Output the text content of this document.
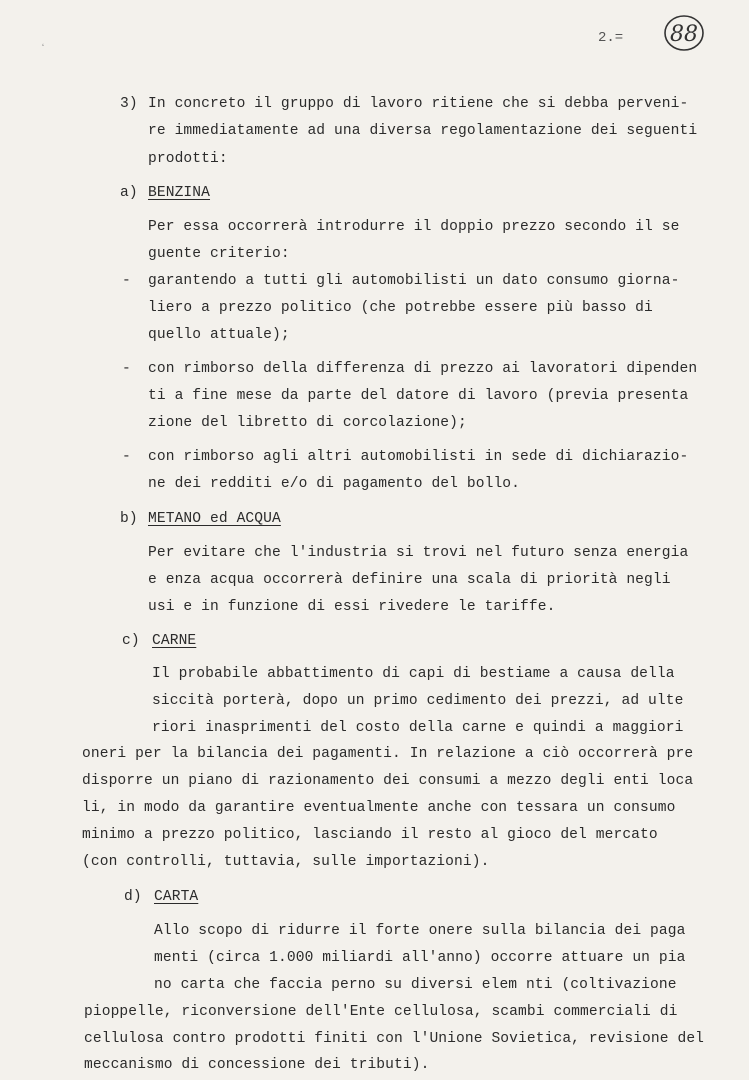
ʻ
2.= 88
3) In concreto il gruppo di lavoro ritiene che si debba perveni-
re immediatamente ad una diversa regolamentazione dei seguenti
prodotti:
a) BENZINA
Per essa occorrerà introdurre il doppio prezzo secondo il se
guente criterio:
- garantendo a tutti gli automobilisti un dato consumo giorna-
liero a prezzo politico (che potrebbe essere più basso di
quello attuale);
- con rimborso della differenza di prezzo ai lavoratori dipenden
ti a fine mese da parte del datore di lavoro (previa presenta
zione del libretto di corcolazione);
- con rimborso agli altri automobilisti in sede di dichiarazio-
ne dei redditi e/o di pagamento del bollo.
b) METANO ed ACQUA
Per evitare che l'industria si trovi nel futuro senza energia
e enza acqua occorrerà definire una scala di priorità negli
usi e in funzione di essi rivedere le tariffe.
c) CARNE
Il probabile abbattimento di capi di bestiame a causa della
siccità porterà, dopo un primo cedimento dei prezzi, ad ulte
riori inasprimenti del costo della carne e quindi a maggiori
oneri per la bilancia dei pagamenti. In relazione a ciò occorrerà pre
disporre un piano di razionamento dei consumi a mezzo degli enti loca
li, in modo da garantire eventualmente anche con tessara un consumo
minimo a prezzo politico, lasciando il resto al gioco del mercato
(con controlli, tuttavia, sulle importazioni).
d) CARTA
Allo scopo di ridurre il forte onere sulla bilancia dei paga
menti (circa 1.000 miliardi all'anno) occorre attuare un pia
no carta che faccia perno su diversi elem nti (coltivazione
pioppelle, riconversione dell'Ente cellulosa, scambi commerciali di
cellulosa contro prodotti finiti con l'Unione Sovietica, revisione del
meccanismo di concessione dei tributi).
